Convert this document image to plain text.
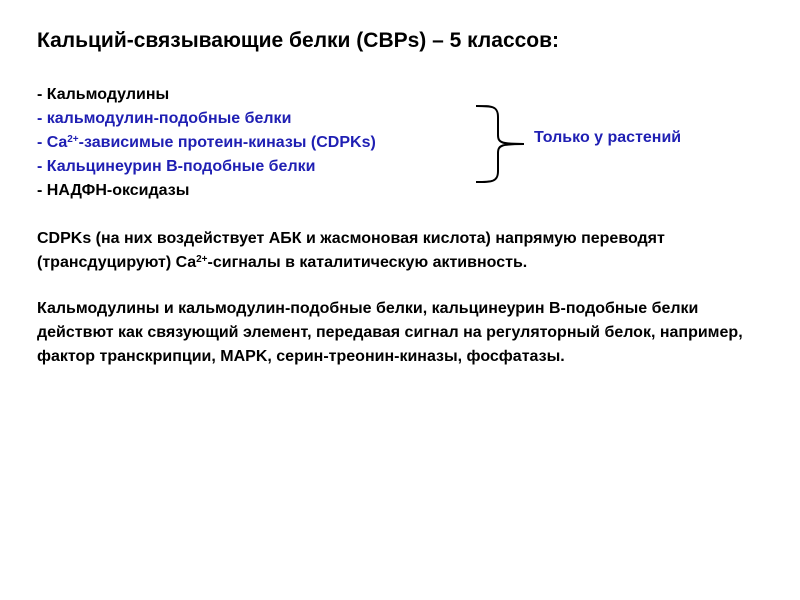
Кальций-связывающие белки (CBPs) – 5 классов:
- Кальмодулины
- кальмодулин-подобные белки
- $Ca^{2+}$-зависимые протеин-киназы (CDPKs)
- Кальцинеурин B-подобные белки
- НАДФН-оксидазы
Только у растений

CDPKs (на них воздействует АБК и жасмоновая кислота) напрямую переводят (трансдуцируют) $Ca^{2+}$-сигналы в каталитическую активность.

Кальмодулины и кальмодулин-подобные белки, кальцинеурин B-подобные белки действют как связующий элемент, передавая сигнал на регуляторный белок, например, фактор транскрипции, MAPK, серин-треонин-киназы, фосфатазы.
